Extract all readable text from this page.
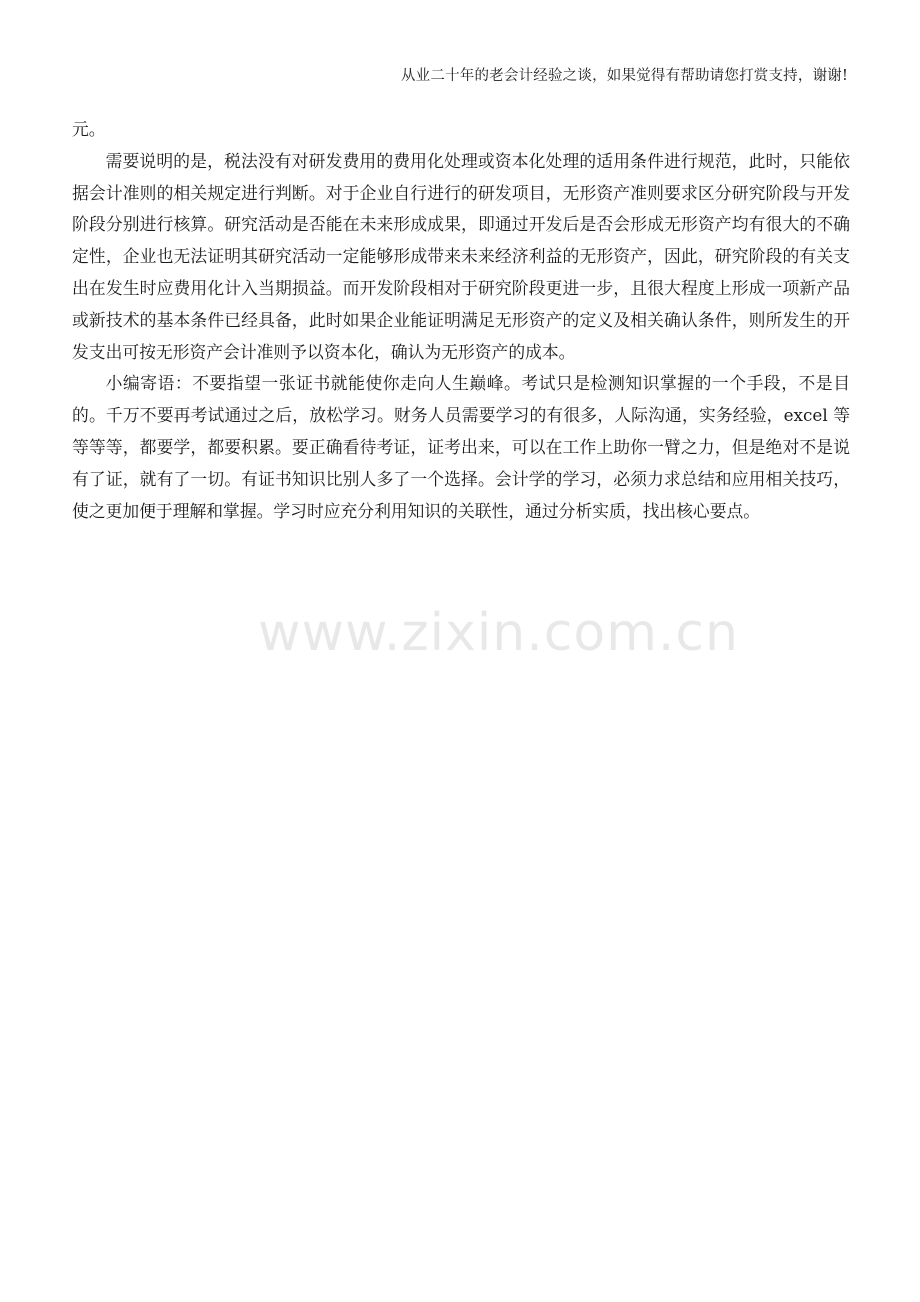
从业二十年的老会计经验之谈，如果觉得有帮助请您打赏支持，谢谢!

元。

需要说明的是，税法没有对研发费用的费用化处理或资本化处理的适用条件进行规范，此时，只能依据会计准则的相关规定进行判断。对于企业自行进行的研发项目，无形资产准则要求区分研究阶段与开发阶段分别进行核算。研究活动是否能在未来形成成果，即通过开发后是否会形成无形资产均有很大的不确定性，企业也无法证明其研究活动一定能够形成带来未来经济利益的无形资产，因此，研究阶段的有关支出在发生时应费用化计入当期损益。而开发阶段相对于研究阶段更进一步，且很大程度上形成一项新产品或新技术的基本条件已经具备，此时如果企业能证明满足无形资产的定义及相关确认条件，则所发生的开发支出可按无形资产会计准则予以资本化，确认为无形资产的成本。

小编寄语：不要指望一张证书就能使你走向人生巅峰。考试只是检测知识掌握的一个手段，不是目的。千万不要再考试通过之后，放松学习。财务人员需要学习的有很多，人际沟通，实务经验，excel 等等等等，都要学，都要积累。要正确看待考证，证考出来，可以在工作上助你一臂之力，但是绝对不是说有了证，就有了一切。有证书知识比别人多了一个选择。会计学的学习，必须力求总结和应用相关技巧，使之更加便于理解和掌握。学习时应充分利用知识的关联性，通过分析实质，找出核心要点。

www.zixin.com.cn
